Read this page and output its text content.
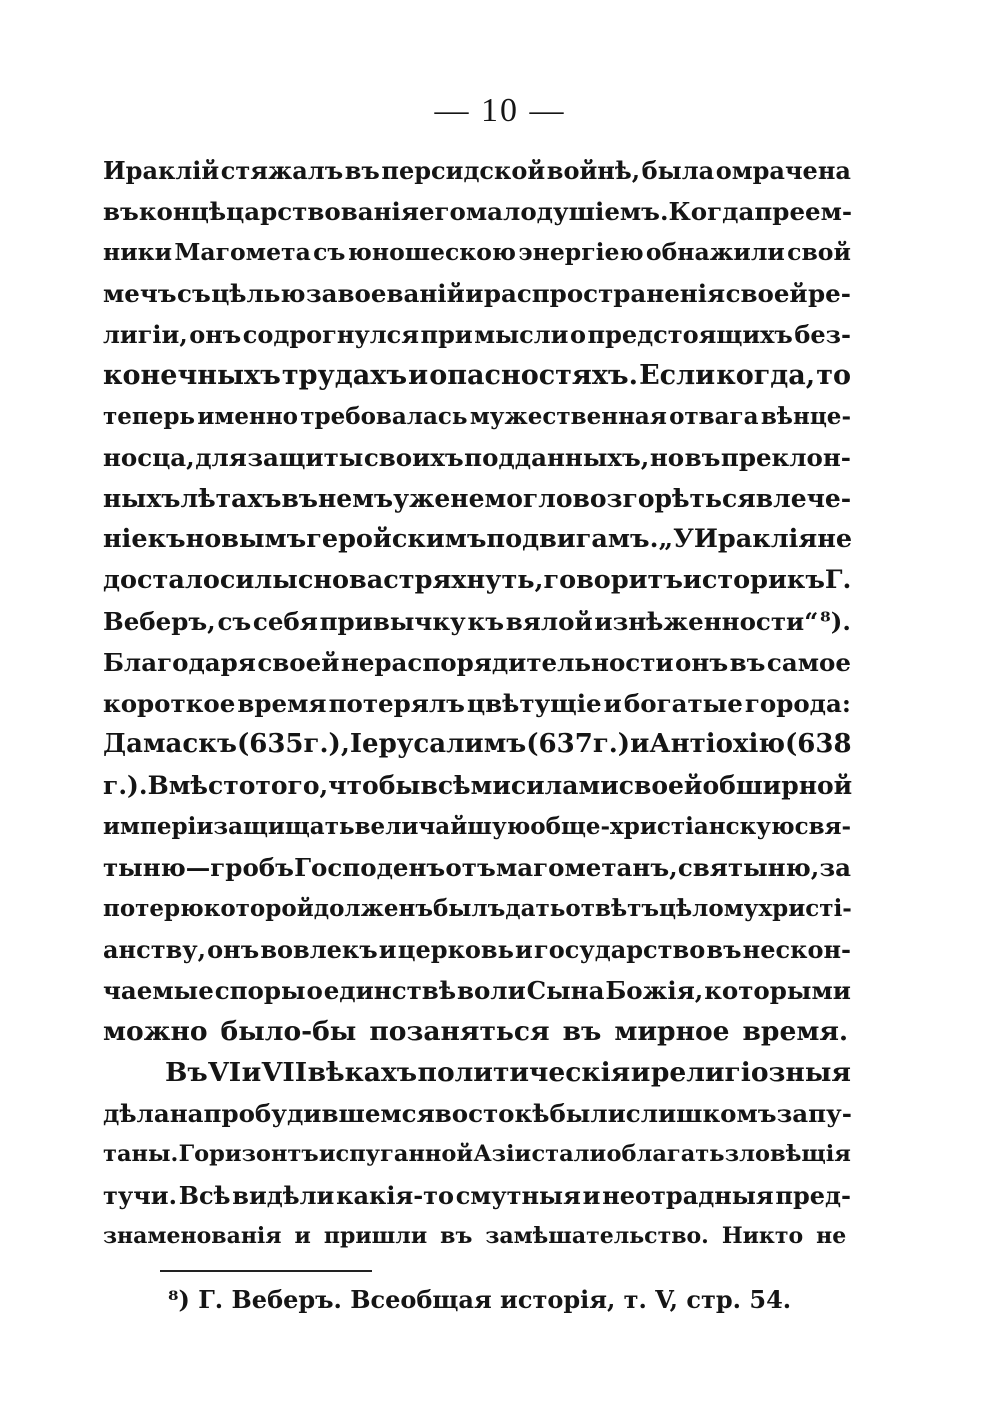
— 10 —
Ираклій стяжалъ въ персидской войнѣ, была омрачена
въ концѣ царствованія его малодушіемъ. Когда преем-
ники Магомета съ юношескою энергіею обнажили свой
мечъ съ цѣлью завоеваній и распространенія своей ре-
лигіи, онъ содрогнулся при мысли о предстоящихъ без-
конечныхъ трудахъ и опасностяхъ. Если когда, то
теперь именно требовалась мужественная отвага вѣнце-
носца, для защиты своихъ подданныхъ, но въ преклон-
ныхъ лѣтахъ въ немъ уже не могло возгорѣться влече-
ніе къ новымъ геройскимъ подвигамъ. „У Ираклія не
достало силы снова стряхнуть, говоритъ историкъ Г.
Веберъ, съ себя привычку къ вялой изнѣженности“ ⁸).
Благодаря своей нераспорядительности онъ въ самое
короткое время потерялъ цвѣтущіе и богатые города:
Дамаскъ (635 г.), Іерусалимъ (637 г.) и Антіохію (638
г.). Вмѣсто того, чтобы всѣми силами своей обширной
имперіи защищать величайшую обще-христіанскую свя-
тыню—гробъ Господенъ отъ магометанъ, святыню, за
потерю которой долженъ былъ дать отвѣтъ цѣлому христі-
анству, онъ вовлекъ и церковь и государство въ нескон-
чаемые споры о единствѣ воли Сына Божія, которыми
можно было-бы позаняться въ мирное время.
Въ VI и VII вѣкахъ политическія и религіозныя
дѣла на пробудившемся востокѣ были слишкомъ запу-
таны. Горизонтъ испуганной Азіи стали облагать зловѣщія
тучи. Всѣ видѣли какія-то смутныя и неотрадныя пред-
знаменованія и пришли въ замѣшательство. Никто не
⁸) Г. Веберъ. Всеобщая исторія, т. V, стр. 54.
